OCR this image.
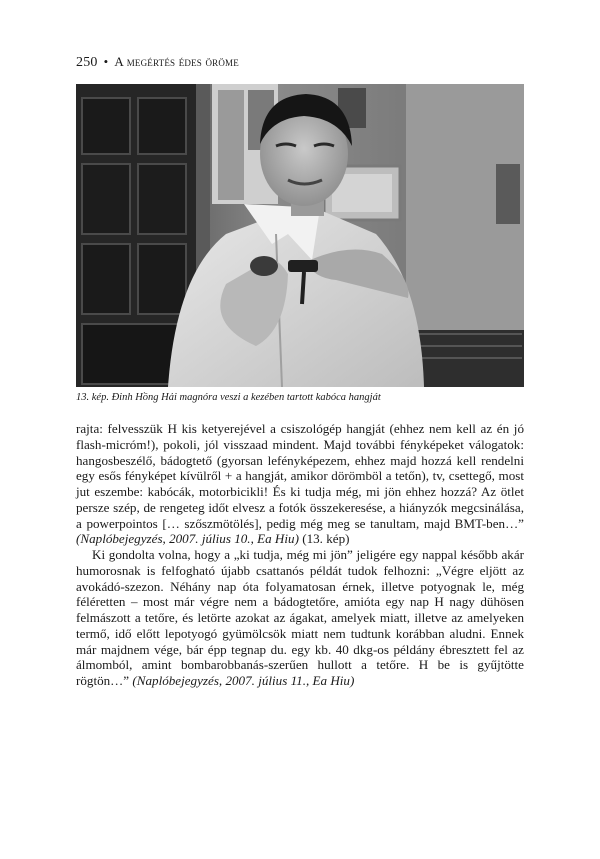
250 • A megértés édes öröme
13. kép. Đinh Hồng Hải magnóra veszi a kezében tartott kabóca hangját

rajta: felvesszük H kis ketyerejével a csiszológép hangját (ehhez nem kell az én jó flash-micróm!), pokoli, jól visszaad mindent. Majd további fényképeket válogatok: hangosbeszélő, bádogtető (gyorsan lefényképezem, ehhez majd hozzá kell rendelni egy esős fényképet kívülről + a hangját, amikor dörömböl a tetőn), tv, csettegő, most jut eszembe: kabócák, motorbicikli! És ki tudja még, mi jön ehhez hozzá? Az ötlet persze szép, de rengeteg időt elvesz a fotók összekeresése, a hiányzók megcsinálása, a powerpointos [… szőszmötölés], pedig még meg se tanultam, majd BMT-ben…” (Naplóbejegyzés, 2007. július 10., Ea Hiu) (13. kép)

Ki gondolta volna, hogy a „ki tudja, még mi jön” jeligére egy nappal később akár humorosnak is felfogható újabb csattanós példát tudok felhozni: „Végre eljött az avokádó-szezon. Néhány nap óta folyamatosan érnek, illetve potyognak le, még féléretten – most már végre nem a bádogtetőre, amióta egy nap H nagy dühösen felmászott a tetőre, és letörte azokat az ágakat, amelyek miatt, illetve az amelyeken termő, idő előtt lepotyogó gyümölcsök miatt nem tudtunk korábban aludni. Ennek már majdnem vége, bár épp tegnap du. egy kb. 40 dkg-os példány ébresztett fel az álmomból, amint bombarobbanás-szerűen hullott a tetőre. H be is gyűjtötte rögtön…” (Naplóbejegyzés, 2007. július 11., Ea Hiu)
